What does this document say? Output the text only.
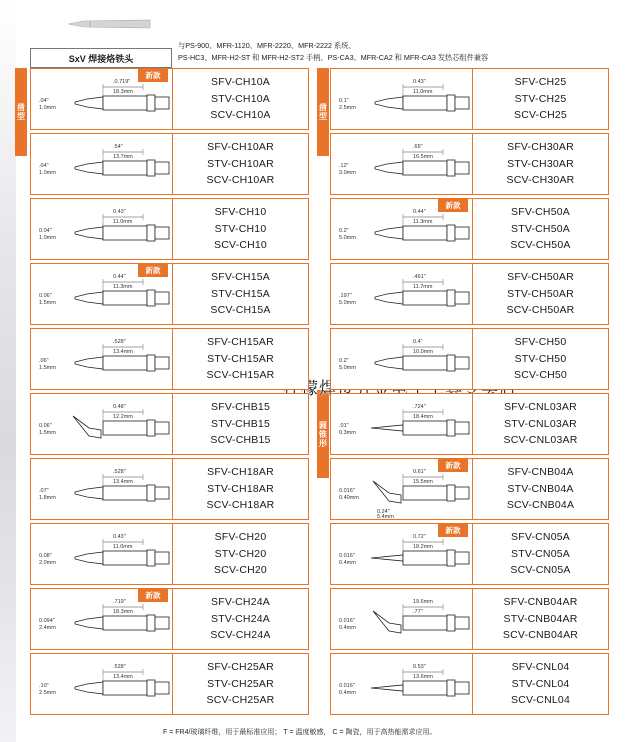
SxV 焊接烙铁头
与PS-900、MFR-1120、MFR-2220、MFR-2222 系统、
PS-HC3、MFR-H2-ST 和 MFR-H2-ST2 手柄、PS-CA3、MFR-CA2 和 MFR-CA3 发热芯组件兼容
凿型	凿型
圆锥形
F = FR4/玻璃纤维，用于最标准应用； T = 温度敏感， C = 陶瓷，用于高热能需求应用。
.0.719"
18.3mm
.04"
1.0mm
SFV-CH10A
STV-CH10A
SCV-CH10A
新款
.54"
13.7mm
.04"
1.0mm
SFV-CH10AR
STV-CH10AR
SCV-CH10AR
0.43"
11.0mm
0.04"
1.0mm
SFV-CH10
STV-CH10
SCV-CH10
0.44"
11.3mm
0.06"
1.5mm
SFV-CH15A
STV-CH15A
SCV-CH15A
新款
.528"
13.4mm
.06"
1.5mm
SFV-CH15AR
STV-CH15AR
SCV-CH15AR
0.48"
12.2mm
0.06"
1.5mm
SFV-CHB15
STV-CHB15
SCV-CHB15
.528"
13.4mm
.07"
1.8mm
SFV-CH18AR
STV-CH18AR
SCV-CH18AR
0.43"
11.0mm
0.08"
2.0mm
SFV-CH20
STV-CH20
SCV-CH20
.719"
18.3mm
0.094"
2.4mm
SFV-CH24A
STV-CH24A
SCV-CH24A
新款
.528"
13.4mm
.10"
2.5mm
SFV-CH25AR
STV-CH25AR
SCV-CH25AR
0.43"
11.0mm
0.1"
2.5mm
SFV-CH25
STV-CH25
SCV-CH25
.65"
16.5mm
.12"
3.0mm
SFV-CH30AR
STV-CH30AR
SCV-CH30AR
0.44"
11.3mm
0.2"
5.0mm
SFV-CH50A
STV-CH50A
SCV-CH50A
新款
.461"
11.7mm
.197"
5.0mm
SFV-CH50AR
STV-CH50AR
SCV-CH50AR
0.4"
10.0mm
0.2"
5.0mm
SFV-CH50
STV-CH50
SCV-CH50
.724"
18.4mm
.01"
0.3mm
SFV-CNL03AR
STV-CNL03AR
SCV-CNL03AR
0.61"
15.5mm
0.016"
0.40mm
0.24"
5.4mm
SFV-CNB04A
STV-CNB04A
SCV-CNB04A
新款
0.72"
18.2mm
0.016"
0.4mm
SFV-CN05A
STV-CN05A
SCV-CN05A
新款
19.6mm
.77"
0.016"
0.4mm
SFV-CNB04AR
STV-CNB04AR
SCV-CNB04AR
0.53"
13.6mm
0.016"
0.4mm
SFV-CNL04
STV-CNL04
SCV-CNL04
